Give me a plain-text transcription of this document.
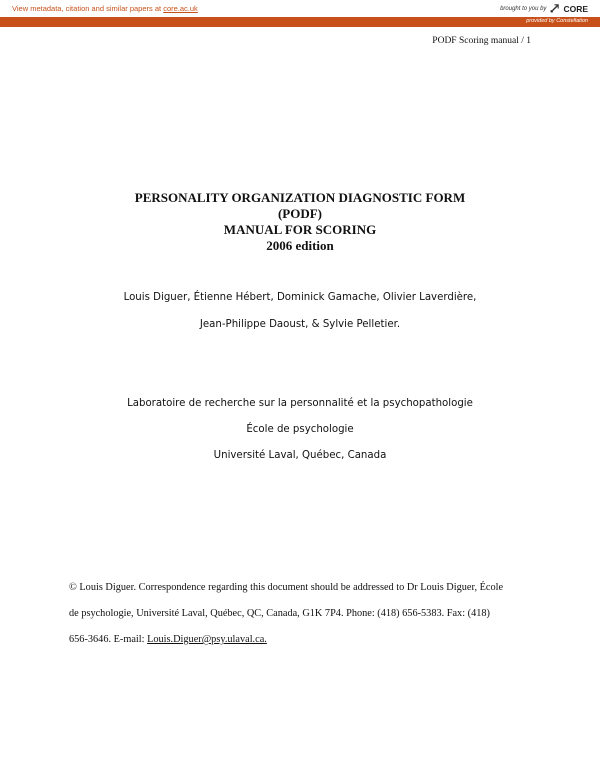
View metadata, citation and similar papers at core.ac.uk	brought to you by CORE
provided by Constellation
PODF Scoring manual / 1
PERSONALITY ORGANIZATION DIAGNOSTIC FORM
(PODF)
MANUAL FOR SCORING
2006 edition
Louis Diguer, Étienne Hébert, Dominick Gamache, Olivier Laverdière,
Jean-Philippe Daoust, & Sylvie Pelletier.
Laboratoire de recherche sur la personnalité et la psychopathologie
École de psychologie
Université Laval, Québec, Canada
© Louis Diguer. Correspondence regarding this document should be addressed to Dr Louis Diguer, École
de psychologie, Université Laval, Québec, QC, Canada, G1K 7P4. Phone: (418) 656-5383. Fax: (418)
656-3646. E-mail: Louis.Diguer@psy.ulaval.ca.
